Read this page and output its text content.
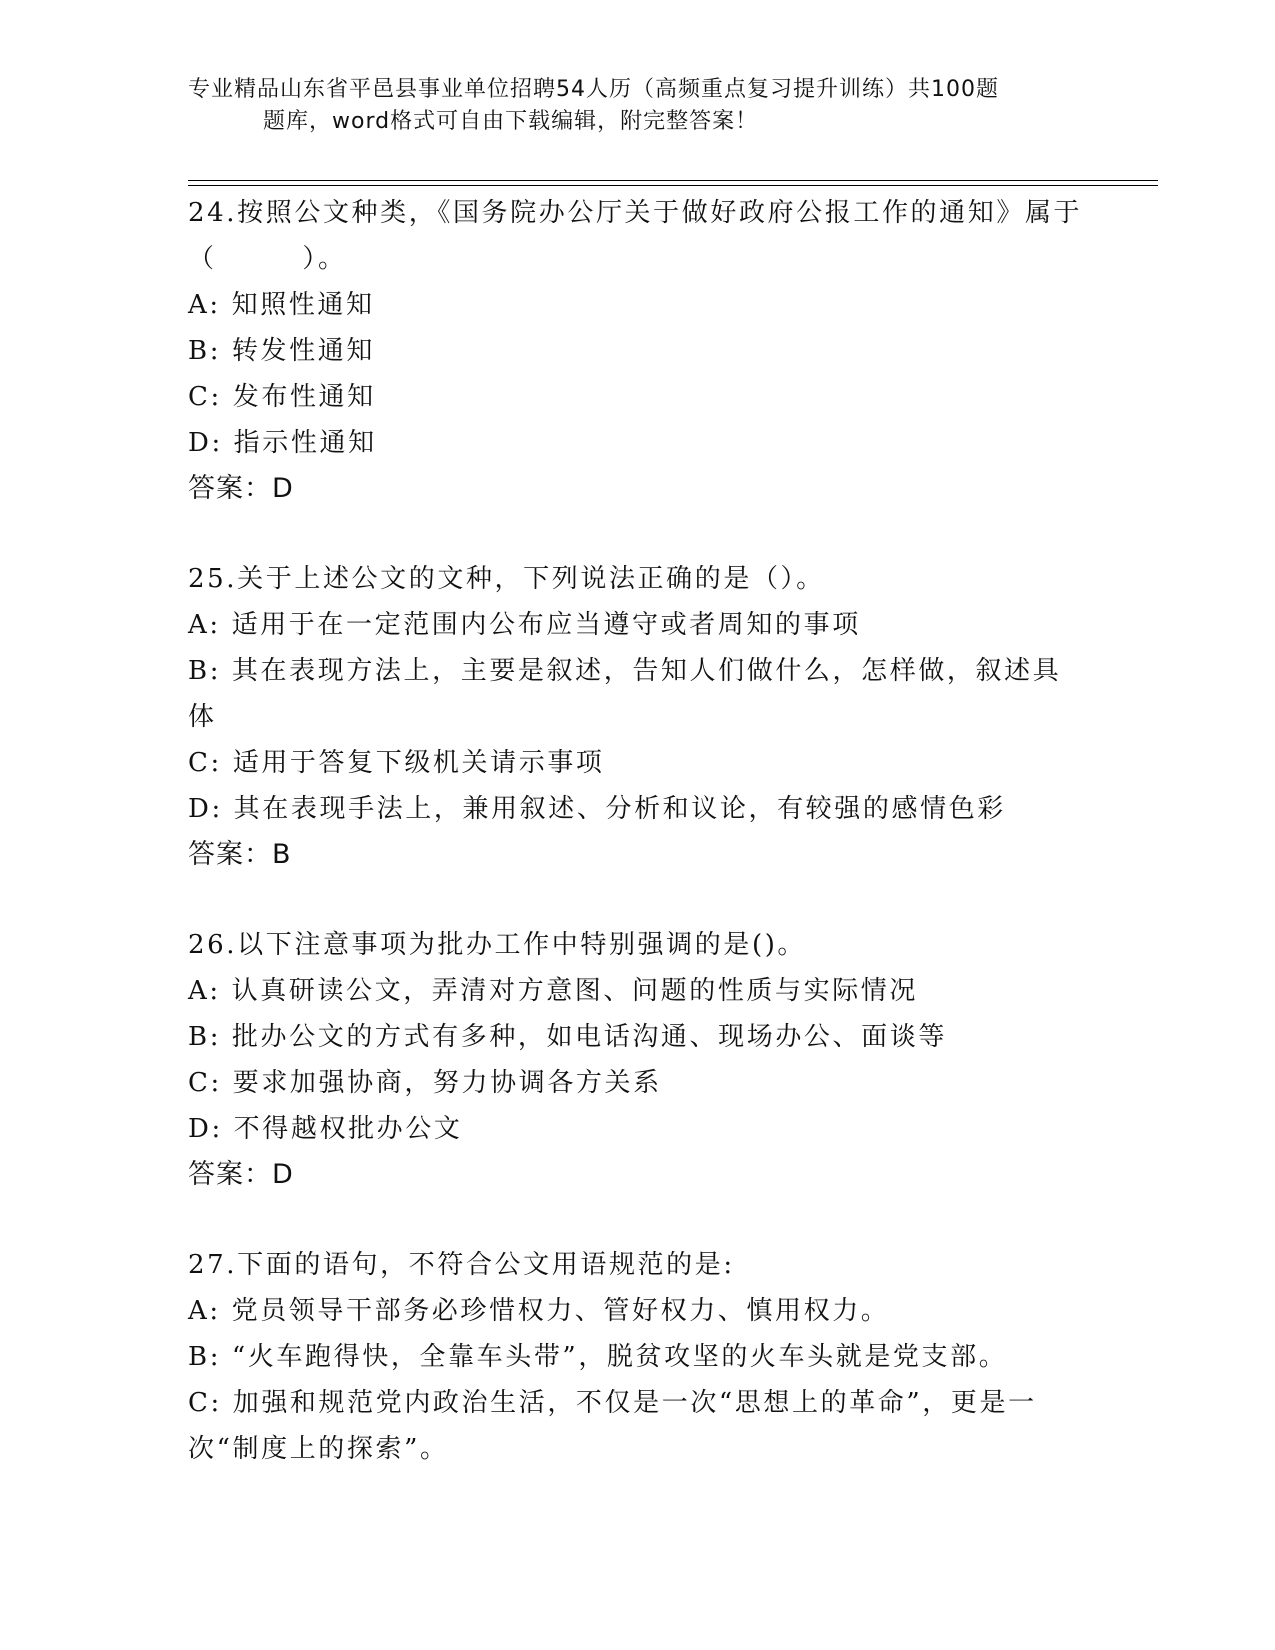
专业精品山东省平邑县事业单位招聘54人历（高频重点复习提升训练）共100题
题库，word格式可自由下载编辑，附完整答案！

24.按照公文种类，《国务院办公厅关于做好政府公报工作的通知》属于（　　　）。

A: 知照性通知

B: 转发性通知

C: 发布性通知

D: 指示性通知

答案：D

25.关于上述公文的文种，下列说法正确的是（）。

A: 适用于在一定范围内公布应当遵守或者周知的事项

B: 其在表现方法上，主要是叙述，告知人们做什么，怎样做，叙述具体

C: 适用于答复下级机关请示事项

D: 其在表现手法上，兼用叙述、分析和议论，有较强的感情色彩

答案：B

26.以下注意事项为批办工作中特别强调的是()。

A: 认真研读公文，弄清对方意图、问题的性质与实际情况

B: 批办公文的方式有多种，如电话沟通、现场办公、面谈等

C: 要求加强协商，努力协调各方关系

D: 不得越权批办公文

答案：D

27.下面的语句，不符合公文用语规范的是:

A: 党员领导干部务必珍惜权力、管好权力、慎用权力。

B: “火车跑得快，全靠车头带”，脱贫攻坚的火车头就是党支部。

C: 加强和规范党内政治生活，不仅是一次“思想上的革命”，更是一次“制度上的探索”。
